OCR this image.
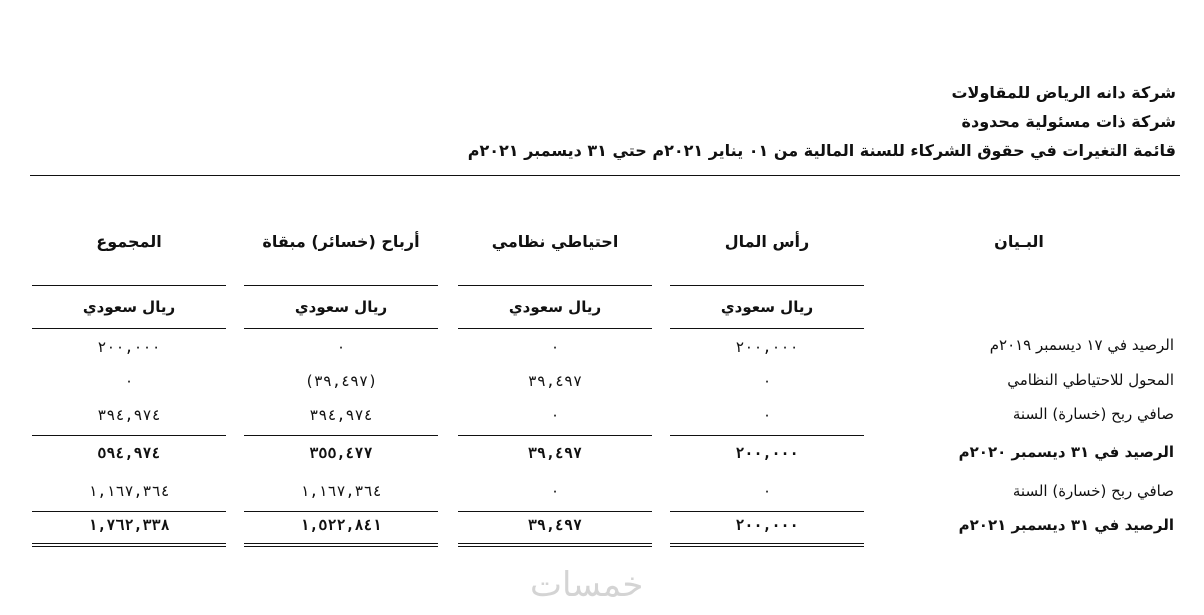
شركة دانه الرياض للمقاولات
شركة ذات مسئولية محدودة
قائمة التغيرات في حقوق الشركاء للسنة المالية من ٠١ يناير ٢٠٢١م حتي ٣١ ديسمبر ٢٠٢١م
البـيان
رأس المال
احتياطي نظامي
أرباح (خسائر) مبقاة
المجموع
ريال سعودي
ريال سعودي
ريال سعودي
ريال سعودي
الرصيد في ١٧ ديسمبر ٢٠١٩م
٢٠٠,٠٠٠
٠
٠
٢٠٠,٠٠٠
المحول للاحتياطي النظامي
٠
٣٩,٤٩٧
(٣٩,٤٩٧)
٠
صافي ربح (خسارة) السنة
٠
٠
٣٩٤,٩٧٤
٣٩٤,٩٧٤
الرصيد في ٣١ ديسمبر ٢٠٢٠م
٢٠٠,٠٠٠
٣٩,٤٩٧
٣٥٥,٤٧٧
٥٩٤,٩٧٤
صافي ربح (خسارة) السنة
٠
٠
١,١٦٧,٣٦٤
١,١٦٧,٣٦٤
الرصيد في ٣١ ديسمبر ٢٠٢١م
٢٠٠,٠٠٠
٣٩,٤٩٧
١,٥٢٢,٨٤١
١,٧٦٢,٣٣٨
خمسات
